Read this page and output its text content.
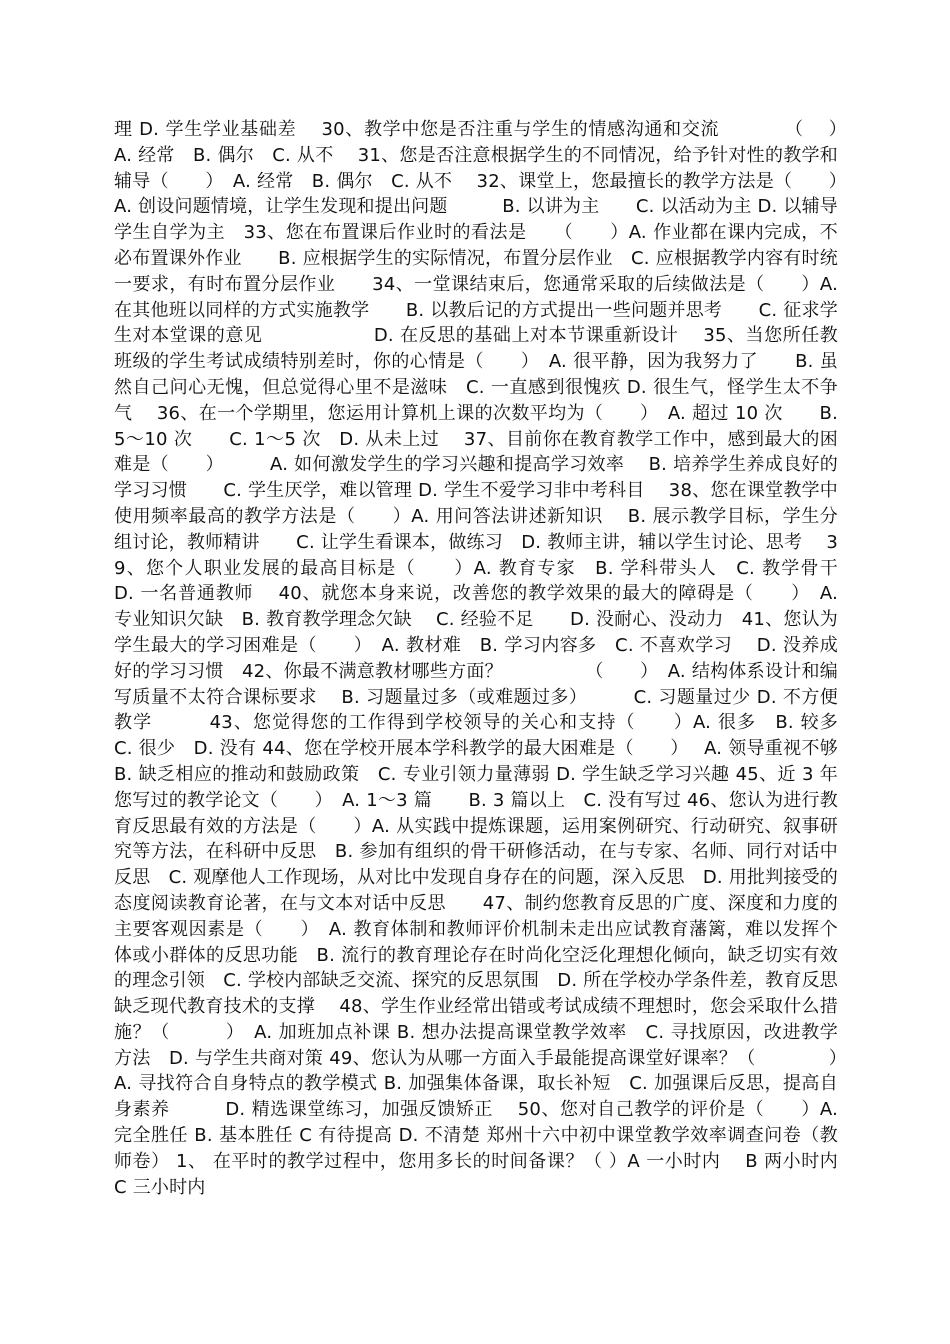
理 D. 学生学业基础差　 30、教学中您是否注重与学生的情感沟通和交流　　　　（　 ）　A. 经常　B. 偶尔　C. 从不　 31、您是否注意根据学生的不同情况，给予针对性的教学和辅导（　　）　A. 经常　B. 偶尔　C. 从不　 32、课堂上，您最擅长的教学方法是（　　）　A. 创设问题情境，让学生发现和提出问题　　　B. 以讲为主　　C. 以活动为主 D. 以辅导学生自学为主　33、您在布置课后作业时的看法是　　（　　）A. 作业都在课内完成，不必布置课外作业　　B. 应根据学生的实际情况，布置分层作业　C. 应根据教学内容有时统一要求，有时布置分层作业　　34、一堂课结束后，您通常采取的后续做法是（　　）A. 在其他班以同样的方式实施教学　　B. 以教后记的方式提出一些问题并思考　　C. 征求学生对本堂课的意见　　　　　　D. 在反思的基础上对本节课重新设计　 35、当您所任教班级的学生考试成绩特别差时，你的心情是（　　）　A. 很平静，因为我努力了　　B. 虽然自己问心无愧，但总觉得心里不是滋味　C. 一直感到很愧疚 D. 很生气，怪学生太不争气　 36、在一个学期里，您运用计算机上课的次数平均为（　　）　A. 超过 10 次　　B. 5～10 次　　C. 1～5 次　D. 从未上过　 37、目前你在教育教学工作中，感到最大的困难是（　　）　　　A. 如何激发学生的学习兴趣和提高学习效率　 B. 培养学生养成良好的学习习惯　　C. 学生厌学，难以管理 D. 学生不爱学习非中考科目　 38、您在课堂教学中使用频率最高的教学方法是（　　）A. 用问答法讲述新知识　 B. 展示教学目标，学生分组讨论，教师精讲　　C. 让学生看课本，做练习　D. 教师主讲，辅以学生讨论、思考　 39、您个人职业发展的最高目标是（　　）A. 教育专家　B. 学科带头人　C. 教学骨干　 D. 一名普通教师　 40、就您本身来说，改善您的教学效果的最大的障碍是（　　）　A. 专业知识欠缺　B. 教育教学理念欠缺　 C. 经验不足　　D. 没耐心、没动力　41、您认为学生最大的学习困难是（　　）　A. 教材难　B. 学习内容多　C. 不喜欢学习　 D. 没养成好的学习习惯　42、你最不满意教材哪些方面？　　　　　（　　）　A. 结构体系设计和编写质量不太符合课标要求　 B. 习题量过多（或难题过多）　　　C. 习题量过少 D. 不方便教学　　　43、您觉得您的工作得到学校领导的关心和支持（　　）A. 很多　B. 较多　C. 很少　D. 没有 44、您在学校开展本学科教学的最大困难是（　　）　 A. 领导重视不够 B. 缺乏相应的推动和鼓励政策　C. 专业引领力量薄弱 D. 学生缺乏学习兴趣 45、近 3 年您写过的教学论文（　　）　A. 1～3 篇　　B. 3 篇以上　C. 没有写过 46、您认为进行教育反思最有效的方法是（　　）A. 从实践中提炼课题，运用案例研究、行动研究、叙事研究等方法，在科研中反思　B. 参加有组织的骨干研修活动，在与专家、名师、同行对话中反思　C. 观摩他人工作现场，从对比中发现自身存在的问题，深入反思　D. 用批判接受的态度阅读教育论著，在与文本对话中反思　　47、制约您教育反思的广度、深度和力度的主要客观因素是（　　）　A. 教育体制和教师评价机制未走出应试教育藩篱，难以发挥个体或小群体的反思功能　B. 流行的教育理论存在时尚化空泛化理想化倾向，缺乏切实有效的理念引领　C. 学校内部缺乏交流、探究的反思氛围　D. 所在学校办学条件差，教育反思缺乏现代教育技术的支撑　 48、学生作业经常出错或考试成绩不理想时，您会采取什么措施？（　　　）　A. 加班加点补课 B. 想办法提高课堂教学效率　C. 寻找原因，改进教学方法　D. 与学生共商对策 49、您认为从哪一方面入手最能提高课堂好课率？（　　　　）A. 寻找符合自身特点的教学模式 B. 加强集体备课，取长补短　C. 加强课后反思，提高自身素养　　　D. 精选课堂练习，加强反馈矫正　 50、您对自己教学的评价是（　　）A. 完全胜任 B. 基本胜任 C 有待提高 D. 不清楚 郑州十六中初中课堂教学效率调查问卷（教师卷） 1、 在平时的教学过程中，您用多长的时间备课？（ ）A 一小时内　 B 两小时内　 C 三小时内
